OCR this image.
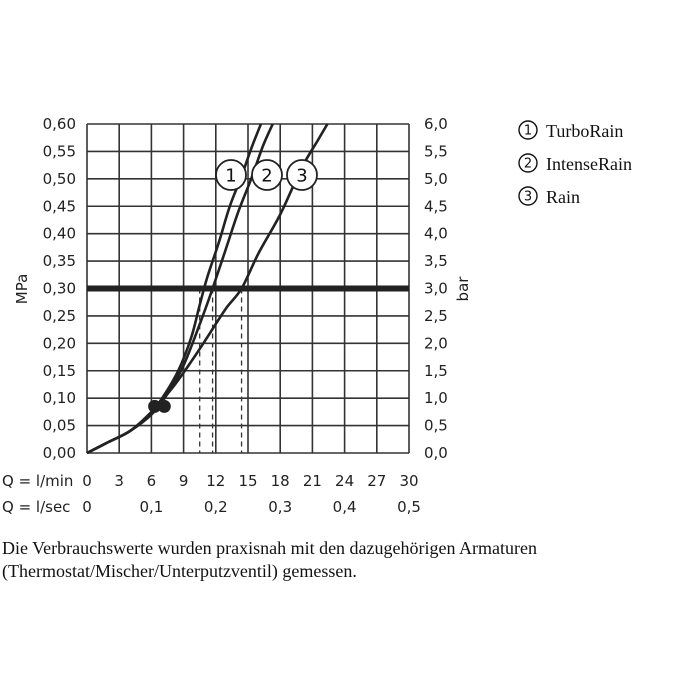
1 2 3
0,00
0,05
0,10
0,15
0,20
0,25
0,30
0,35
0,40
0,45
0,50
0,55
0,60
0,0
0,5
1,0
1,5
2,0
2,5
3,0
3,5
4,0
4,5
5,0
5,5
6,0
Q = l/min 0 3 6 9 12 15 18 21 24 27 30
Q = l/sec 0	0,1	0,2	0,3	0,4	0,5
MPa	bar
1 TurboRain
2 IntenseRain
3 Rain
Die Verbrauchswerte wurden praxisnah mit den dazugehörigen Armaturen (Thermostat/Mischer/Unterputzventil) gemessen.
